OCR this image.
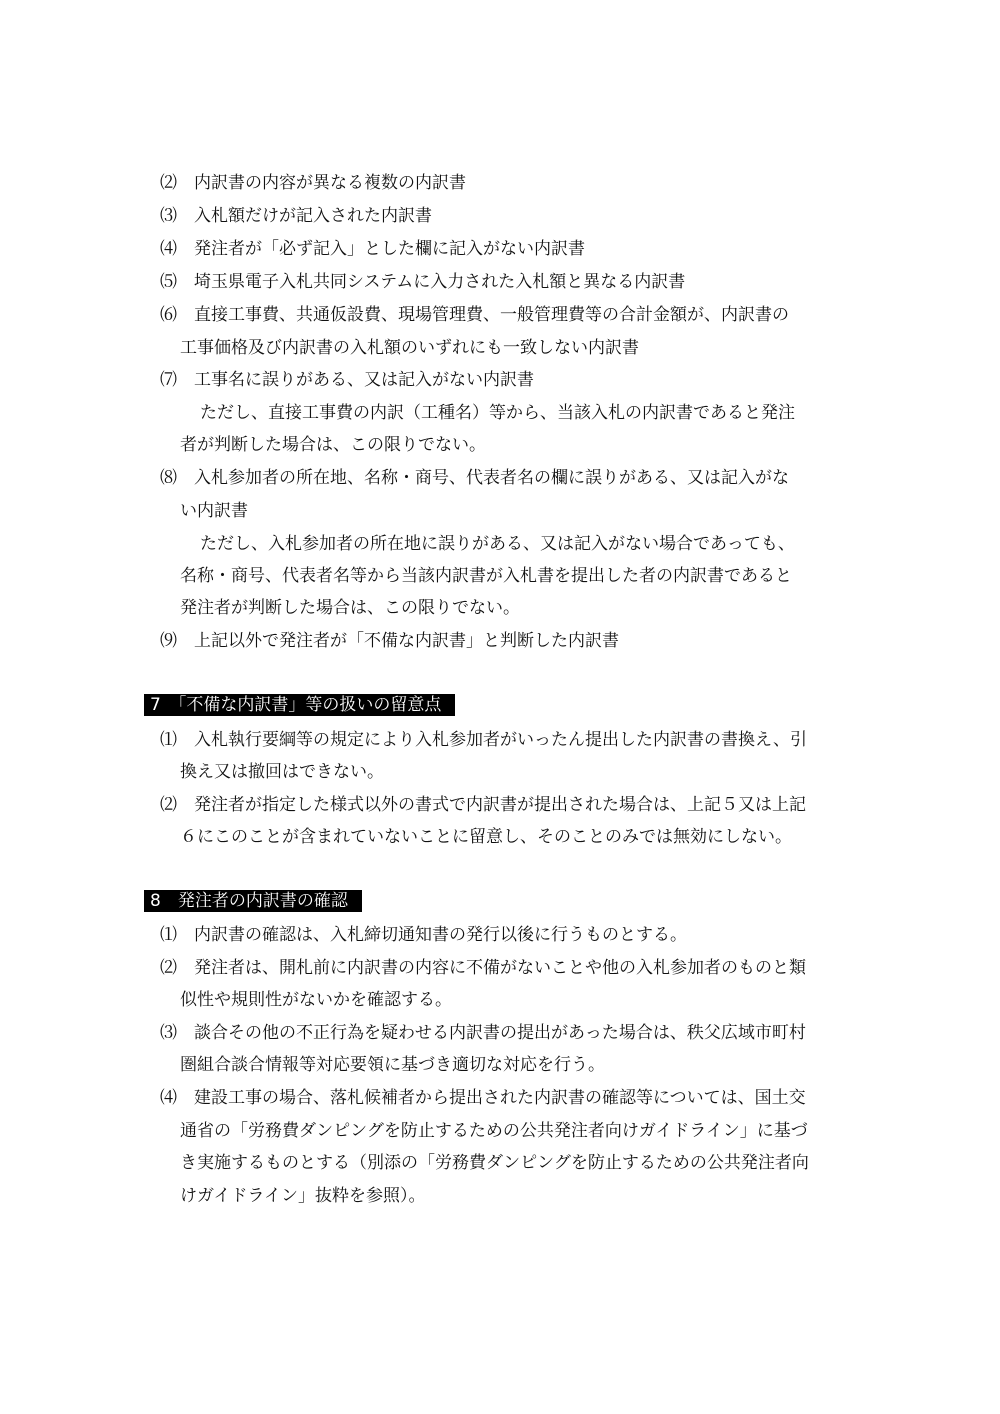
⑵　内訳書の内容が異なる複数の内訳書
⑶　入札額だけが記入された内訳書
⑷　発注者が「必ず記入」とした欄に記入がない内訳書
⑸　埼玉県電子入札共同システムに入力された入札額と異なる内訳書
⑹　直接工事費、共通仮設費、現場管理費、一般管理費等の合計金額が、内訳書の
工事価格及び内訳書の入札額のいずれにも一致しない内訳書
⑺　工事名に誤りがある、又は記入がない内訳書
ただし、直接工事費の内訳（工種名）等から、当該入札の内訳書であると発注
者が判断した場合は、この限りでない。
⑻　入札参加者の所在地、名称・商号、代表者名の欄に誤りがある、又は記入がな
い内訳書
ただし、入札参加者の所在地に誤りがある、又は記入がない場合であっても、
名称・商号、代表者名等から当該内訳書が入札書を提出した者の内訳書であると
発注者が判断した場合は、この限りでない。
⑼　上記以外で発注者が「不備な内訳書」と判断した内訳書
7　「不備な内訳書」等の扱いの留意点
⑴　入札執行要綱等の規定により入札参加者がいったん提出した内訳書の書換え、引
換え又は撤回はできない。
⑵　発注者が指定した様式以外の書式で内訳書が提出された場合は、上記５又は上記
６にこのことが含まれていないことに留意し、そのことのみでは無効にしない。
8　発注者の内訳書の確認
⑴　内訳書の確認は、入札締切通知書の発行以後に行うものとする。
⑵　発注者は、開札前に内訳書の内容に不備がないことや他の入札参加者のものと類
似性や規則性がないかを確認する。
⑶　談合その他の不正行為を疑わせる内訳書の提出があった場合は、秩父広域市町村
圏組合談合情報等対応要領に基づき適切な対応を行う。
⑷　建設工事の場合、落札候補者から提出された内訳書の確認等については、国土交
通省の「労務費ダンピングを防止するための公共発注者向けガイドライン」に基づ
き実施するものとする（別添の「労務費ダンピングを防止するための公共発注者向
けガイドライン」抜粋を参照）。
